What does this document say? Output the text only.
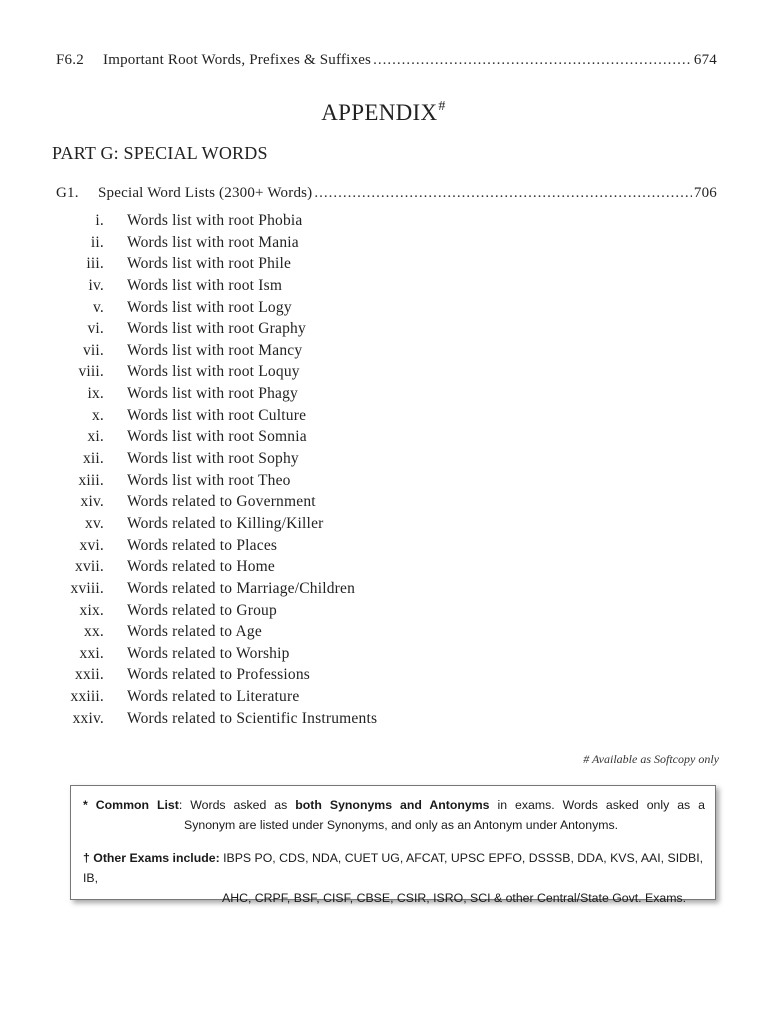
F6.2	Important Root Words, Prefixes & Suffixes .....	674
APPENDIX#
PART G: SPECIAL WORDS
G1.	Special Word Lists (2300+ Words) .....	706
i. Words list with root Phobia
ii. Words list with root Mania
iii. Words list with root Phile
iv. Words list with root Ism
v. Words list with root Logy
vi. Words list with root Graphy
vii. Words list with root Mancy
viii. Words list with root Loquy
ix. Words list with root Phagy
x. Words list with root Culture
xi. Words list with root Somnia
xii. Words list with root Sophy
xiii. Words list with root Theo
xiv. Words related to Government
xv. Words related to Killing/Killer
xvi. Words related to Places
xvii. Words related to Home
xviii. Words related to Marriage/Children
xix. Words related to Group
xx. Words related to Age
xxi. Words related to Worship
xxii. Words related to Professions
xxiii. Words related to Literature
xxiv. Words related to Scientific Instruments
# Available as Softcopy only

* Common List: Words asked as both Synonyms and Antonyms in exams. Words asked only as a

Synonym are listed under Synonyms, and only as an Antonym under Antonyms.

† Other Exams include: IBPS PO, CDS, NDA, CUET UG, AFCAT, UPSC EPFO, DSSSB, DDA, KVS, AAI, SIDBI, IB,

AHC, CRPF, BSF, CISF, CBSE, CSIR, ISRO, SCI & other Central/State Govt. Exams.
